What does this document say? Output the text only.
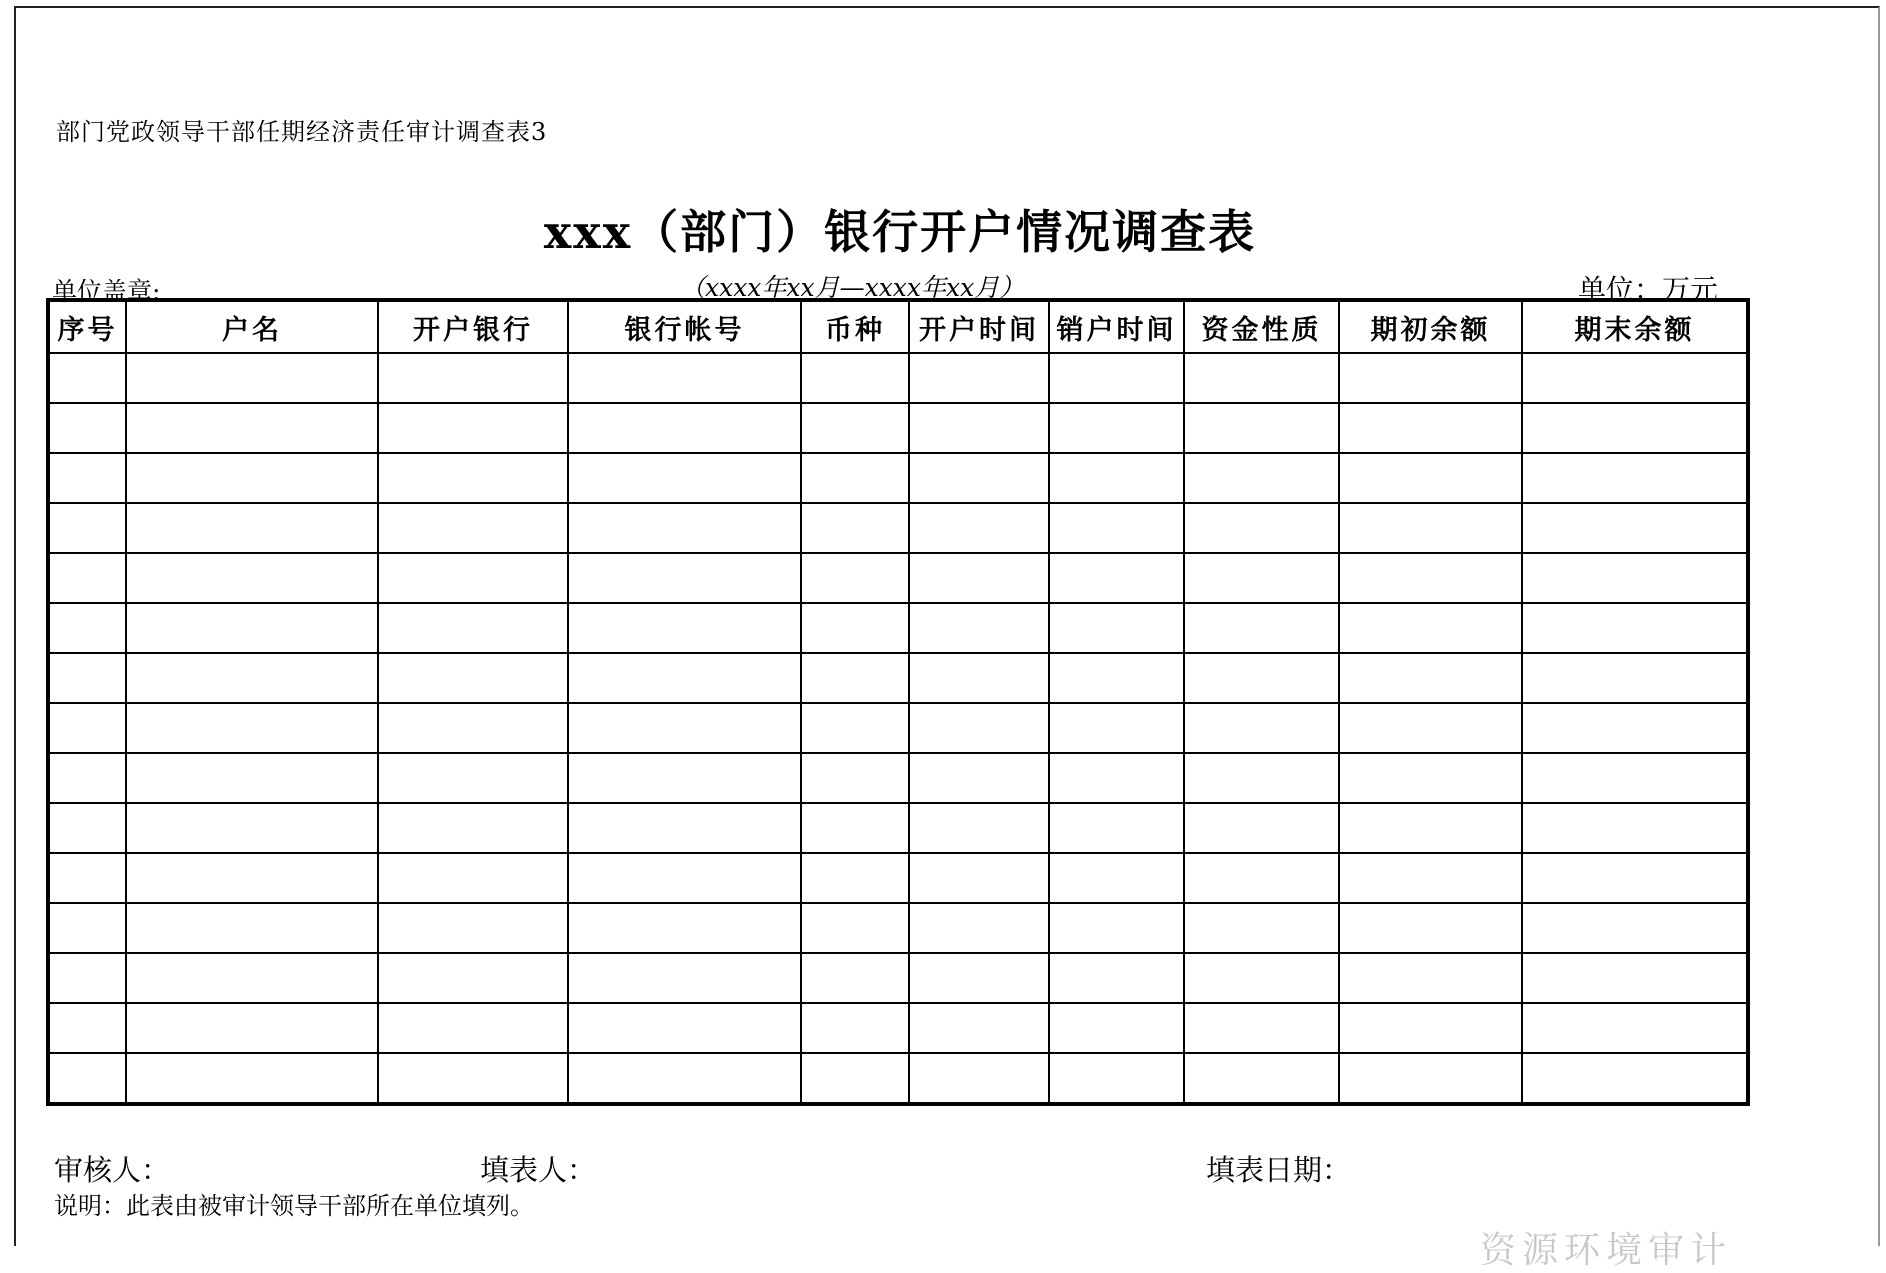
部门党政领导干部任期经济责任审计调查表3
xxx（部门）银行开户情况调查表
单位盖章:	（xxxx年xx月—xxxx年xx月）	单位：万元
序号	户名	开户银行	银行帐号	币种	开户时间	销户时间	资金性质	期初余额	期末余额

审核人：	填表人：	填表日期：
说明：此表由被审计领导干部所在单位填列。
资源环境审计
